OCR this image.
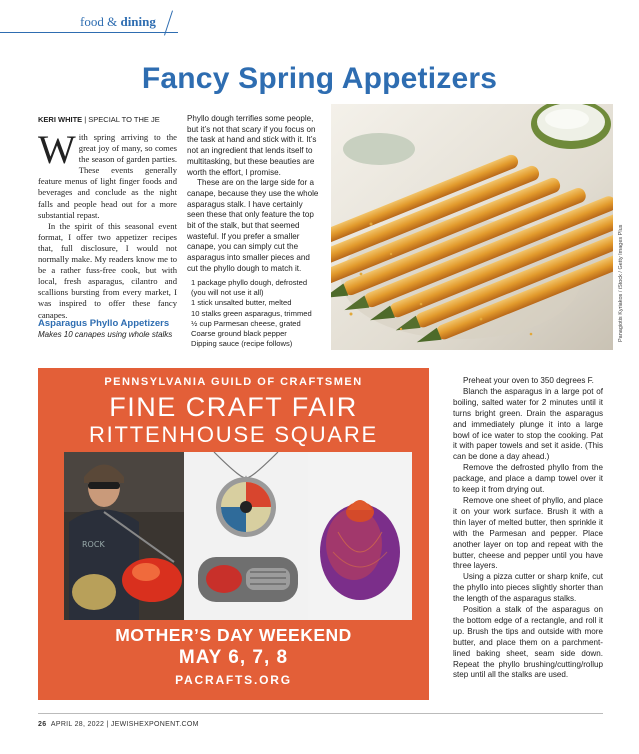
food & dining
Fancy Spring Appetizers
KERI WHITE | SPECIAL TO THE JE

With spring arriving to the great joy of many, so comes the season of garden parties. These events generally feature menus of light finger foods and beverages and conclude as the night falls and people head out for a more substantial repast.

In the spirit of this seasonal event format, I offer two appetizer recipes that, full disclosure, I would not normally make. My readers know me to be a rather fuss-free cook, but with local, fresh asparagus, cilantro and scallions bursting from every market, I was inspired to offer these fancy canapes.

Asparagus Phyllo Appetizers
Makes 10 canapes using whole stalks

Phyllo dough terrifies some people, but it’s not that scary if you focus on the task at hand and stick with it. It’s not an ingredient that lends itself to multitasking, but these beauties are worth the effort, I promise.

These are on the large side for a canape, because they use the whole asparagus stalk. I have certainly seen these that only feature the top bit of the stalk, but that seemed wasteful. If you prefer a smaller canape, you can simply cut the asparagus into smaller pieces and cut the phyllo dough to match it.

1 package phyllo dough, defrosted
(you will not use it all)
1 stick unsalted butter, melted
10 stalks green asparagus, trimmed
½ cup Parmesan cheese, grated
Coarse ground black pepper
Dipping sauce (recipe follows)
Panagiotis Kyriakos / iStock / Getty Images Plus
PENNSYLVANIA GUILD OF CRAFTSMEN
FINE CRAFT FAIR
RITTENHOUSE SQUARE
ROCK
MOTHER’S DAY WEEKEND
MAY 6, 7, 8
PACRAFTS.ORG

Preheat your oven to 350 degrees F.

Blanch the asparagus in a large pot of boiling, salted water for 2 minutes until it turns bright green. Drain the asparagus and immediately plunge it into a large bowl of ice water to stop the cooking. Pat it with paper towels and set it aside. (This can be done a day ahead.)

Remove the defrosted phyllo from the package, and place a damp towel over it to keep it from drying out.

Remove one sheet of phyllo, and place it on your work surface. Brush it with a thin layer of melted butter, then sprinkle it with the Parmesan and pepper. Place another layer on top and repeat with the butter, cheese and pepper until you have three layers.

Using a pizza cutter or sharp knife, cut the phyllo into pieces slightly shorter than the length of the asparagus stalks.

Position a stalk of the asparagus on the bottom edge of a rectangle, and roll it up. Brush the tips and outside with more butter, and place them on a parchment-lined baking sheet, seam side down. Repeat the phyllo brushing/cutting/rollup step until all the stalks are used.

26 APRIL 28, 2022 | JEWISHEXPONENT.COM
